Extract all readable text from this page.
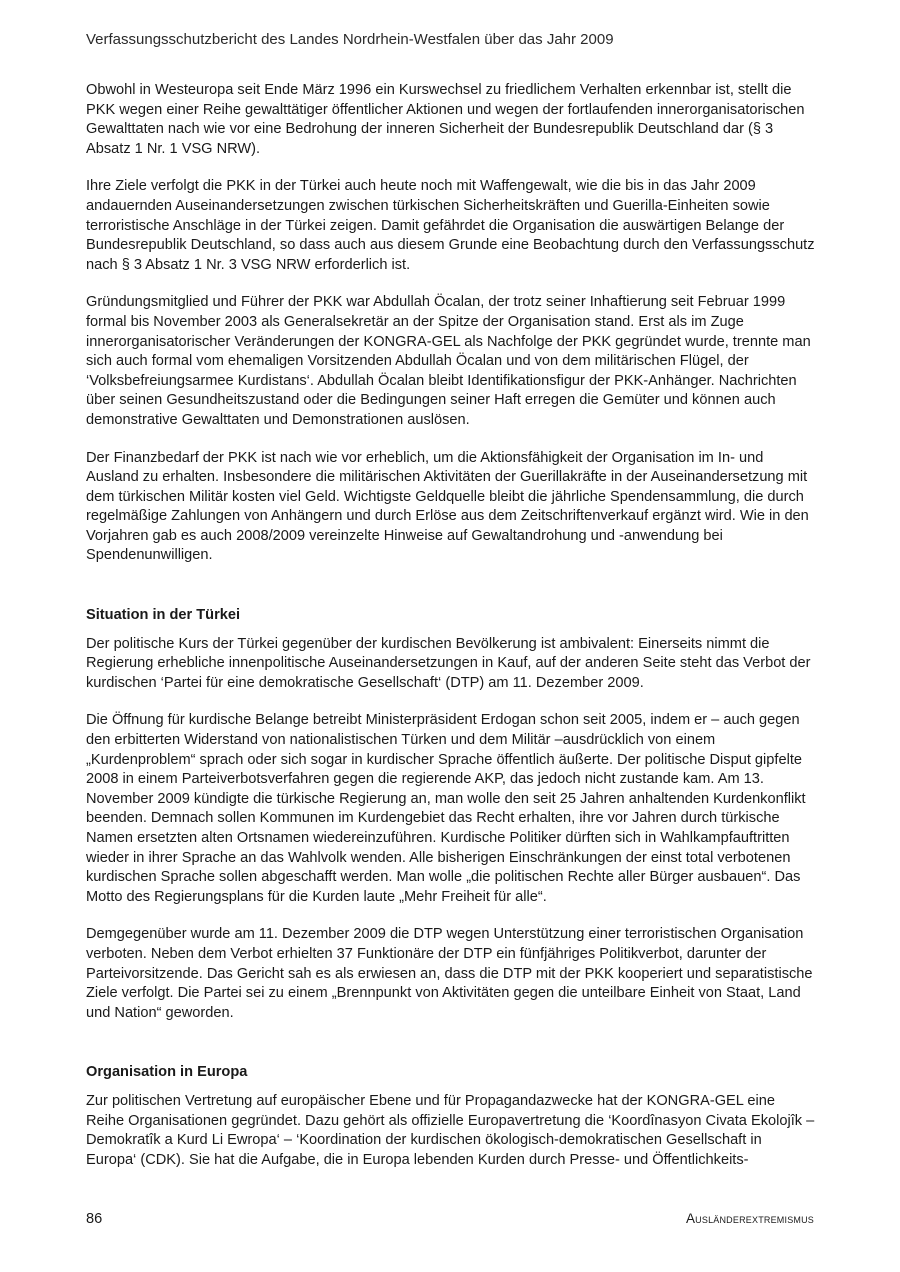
Verfassungsschutzbericht des Landes Nordrhein-Westfalen über das Jahr 2009

Obwohl in Westeuropa seit Ende März 1996 ein Kurswechsel zu friedlichem Verhalten erkennbar ist, stellt die PKK wegen einer Reihe gewalttätiger öffentlicher Aktionen und wegen der fortlaufenden innerorganisatorischen Gewalttaten nach wie vor eine Bedrohung der inneren Sicherheit der Bundesrepublik Deutschland dar (§ 3 Absatz 1 Nr. 1 VSG NRW).

Ihre Ziele verfolgt die PKK in der Türkei auch heute noch mit Waffengewalt, wie die bis in das Jahr 2009 andauernden Auseinandersetzungen zwischen türkischen Sicherheitskräften und Guerilla-Einheiten sowie terroristische Anschläge in der Türkei zeigen. Damit gefährdet die Organisation die auswärtigen Belange der Bundesrepublik Deutschland, so dass auch aus diesem Grunde eine Beobachtung durch den Verfassungsschutz nach § 3 Absatz 1 Nr. 3 VSG NRW erforderlich ist.

Gründungsmitglied und Führer der PKK war Abdullah Öcalan, der trotz seiner Inhaftierung seit Februar 1999 formal bis November 2003 als Generalsekretär an der Spitze der Organisation stand. Erst als im Zuge innerorganisatorischer Veränderungen der KONGRA-GEL als Nachfolge der PKK gegründet wurde, trennte man sich auch formal vom ehemaligen Vorsitzenden Abdullah Öcalan und von dem militärischen Flügel, der ‘Volksbefreiungsarmee Kurdistans‘. Abdullah Öcalan bleibt Identifikationsfigur der PKK-Anhänger. Nachrichten über seinen Gesundheitszustand oder die Bedingungen seiner Haft erregen die Gemüter und können auch demonstrative Gewalttaten und Demonstrationen auslösen.

Der Finanzbedarf der PKK ist nach wie vor erheblich, um die Aktionsfähigkeit der Organisation im In- und Ausland zu erhalten. Insbesondere die militärischen Aktivitäten der Guerillakräfte in der Auseinandersetzung mit dem türkischen Militär kosten viel Geld. Wichtigste Geldquelle bleibt die jährliche Spendensammlung, die durch regelmäßige Zahlungen von Anhängern und durch Erlöse aus dem Zeitschriftenverkauf ergänzt wird. Wie in den Vorjahren gab es auch 2008/2009 vereinzelte Hinweise auf Gewaltandrohung und -anwendung bei Spendenunwilligen.

Situation in der Türkei

Der politische Kurs der Türkei gegenüber der kurdischen Bevölkerung ist ambivalent: Einerseits nimmt die Regierung erhebliche innenpolitische Auseinandersetzungen in Kauf, auf der anderen Seite steht das Verbot der kurdischen ‘Partei für eine demokratische Gesellschaft‘ (DTP) am 11. Dezember 2009.

Die Öffnung für kurdische Belange betreibt Ministerpräsident Erdogan schon seit 2005, indem er – auch gegen den erbitterten Widerstand von nationalistischen Türken und dem Militär –ausdrücklich von einem „Kurdenproblem“ sprach oder sich sogar in kurdischer Sprache öffentlich äußerte. Der politische Disput gipfelte 2008 in einem Parteiverbotsverfahren gegen die regierende AKP, das jedoch nicht zustande kam. Am 13. November 2009 kündigte die türkische Regierung an, man wolle den seit 25 Jahren anhaltenden Kurdenkonflikt beenden. Demnach sollen Kommunen im Kurdengebiet das Recht erhalten, ihre vor Jahren durch türkische Namen ersetzten alten Ortsnamen wiedereinzuführen. Kurdische Politiker dürften sich in Wahlkampfauftritten wieder in ihrer Sprache an das Wahlvolk wenden. Alle bisherigen Einschränkungen der einst total verbotenen kurdischen Sprache sollen abgeschafft werden. Man wolle „die politischen Rechte aller Bürger ausbauen“. Das Motto des Regierungsplans für die Kurden laute „Mehr Freiheit für alle“.

Demgegenüber wurde am 11. Dezember 2009 die DTP wegen Unterstützung einer terroristischen Organisation verboten. Neben dem Verbot erhielten 37 Funktionäre der DTP ein fünfjähriges Politikverbot, darunter der Parteivorsitzende. Das Gericht sah es als erwiesen an, dass die DTP mit der PKK kooperiert und separatistische Ziele verfolgt. Die Partei sei zu einem „Brennpunkt von Aktivitäten gegen die unteilbare Einheit von Staat, Land und Nation“ geworden.

Organisation in Europa

Zur politischen Vertretung auf europäischer Ebene und für Propagandazwecke hat der KONGRA-GEL eine Reihe Organisationen gegründet. Dazu gehört als offizielle Europavertretung die ‘Koordînasyon Civata Ekolojîk – Demokratîk a Kurd Li Ewropa‘ – ‘Koordination der kurdischen ökologisch-demokratischen Gesellschaft in Europa‘ (CDK). Sie hat die Aufgabe, die in Europa lebenden Kurden durch Presse- und Öffentlichkeits-

86	Ausländerextremismus
